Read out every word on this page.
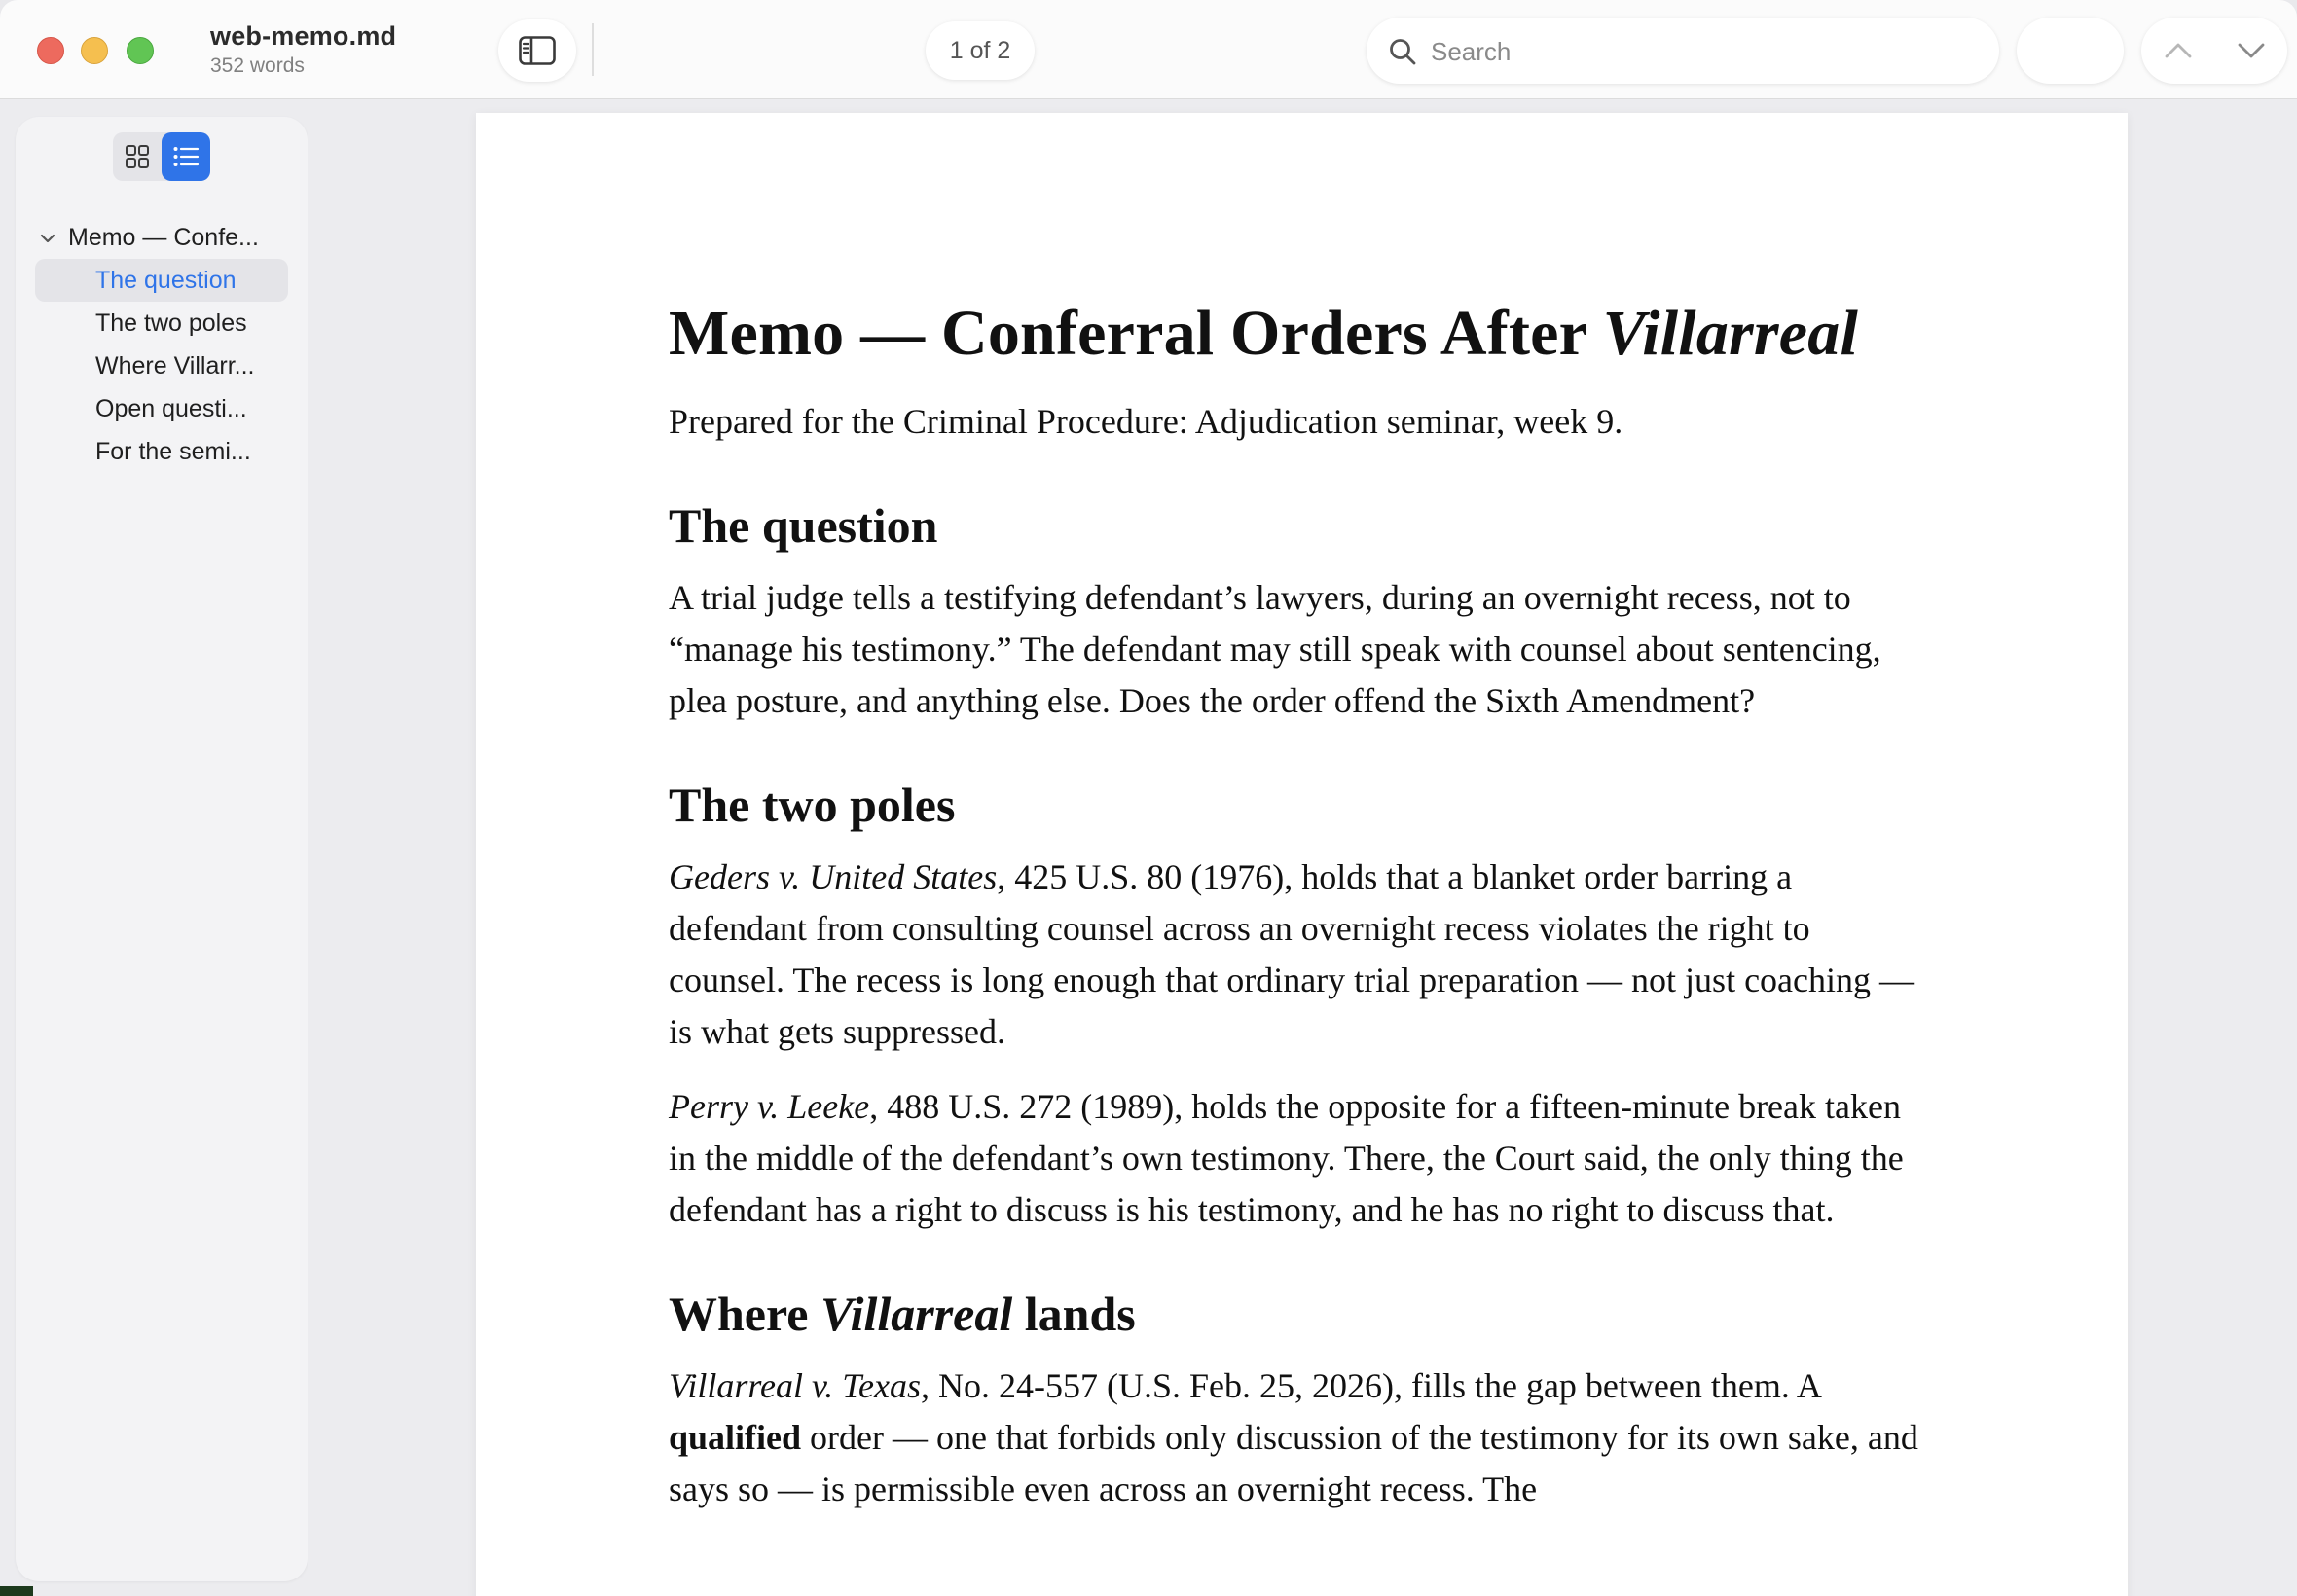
web-memo.md
352 words
1 of 2
Search
Memo — Confe...
The question
The two poles
Where Villarr...
Open questi...
For the semi...
Memo — Conferral Orders After Villarreal
Prepared for the Criminal Procedure: Adjudication seminar, week 9.
The question

A trial judge tells a testifying defendant’s lawyers, during an overnight recess, not to “manage his testimony.” The defendant may still speak with counsel about sentencing, plea posture, and anything else. Does the order offend the Sixth Amendment?

The two poles

Geders v. United States, 425 U.S. 80 (1976), holds that a blanket order barring a defendant from consulting counsel across an overnight recess violates the right to counsel. The recess is long enough that ordinary trial preparation — not just coaching — is what gets suppressed.

Perry v. Leeke, 488 U.S. 272 (1989), holds the opposite for a fifteen-minute break taken in the middle of the defendant’s own testimony. There, the Court said, the only thing the defendant has a right to discuss is his testimony, and he has no right to discuss that.

Where Villarreal lands

Villarreal v. Texas, No. 24-557 (U.S. Feb. 25, 2026), fills the gap between them. A qualified order — one that forbids only discussion of the testimony for its own sake, and says so — is permissible even across an overnight recess. The
